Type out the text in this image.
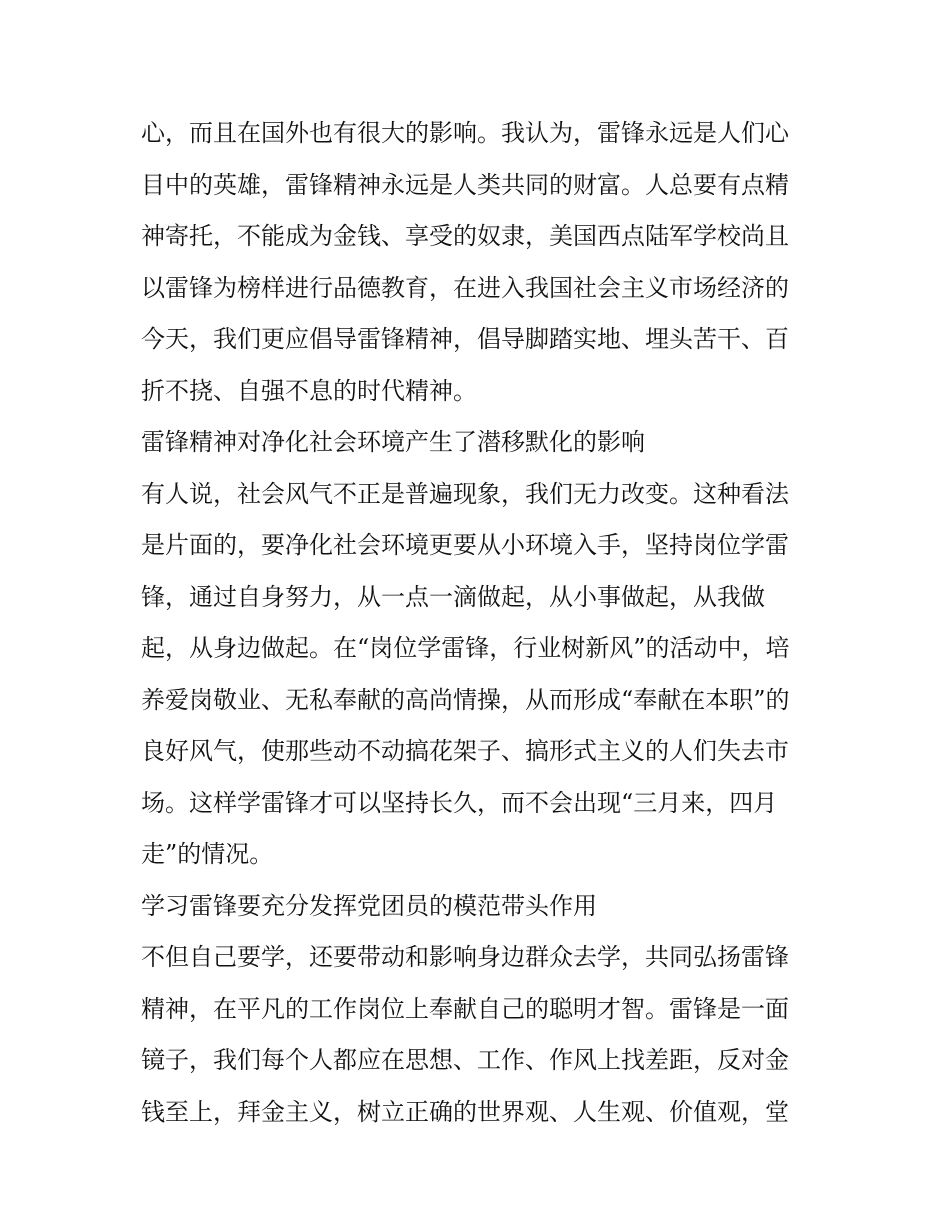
心，而且在国外也有很大的影响。我认为，雷锋永远是人们心
目中的英雄，雷锋精神永远是人类共同的财富。人总要有点精
神寄托，不能成为金钱、享受的奴隶，美国西点陆军学校尚且
以雷锋为榜样进行品德教育，在进入我国社会主义市场经济的
今天，我们更应倡导雷锋精神，倡导脚踏实地、埋头苦干、百
折不挠、自强不息的时代精神。
雷锋精神对净化社会环境产生了潜移默化的影响
有人说，社会风气不正是普遍现象，我们无力改变。这种看法
是片面的，要净化社会环境更要从小环境入手，坚持岗位学雷
锋，通过自身努力，从一点一滴做起，从小事做起，从我做
起，从身边做起。在“岗位学雷锋，行业树新风”的活动中，培
养爱岗敬业、无私奉献的高尚情操，从而形成“奉献在本职”的
良好风气，使那些动不动搞花架子、搞形式主义的人们失去市
场。这样学雷锋才可以坚持长久，而不会出现“三月来，四月
走”的情况。
学习雷锋要充分发挥党团员的模范带头作用
不但自己要学，还要带动和影响身边群众去学，共同弘扬雷锋
精神，在平凡的工作岗位上奉献自己的聪明才智。雷锋是一面
镜子，我们每个人都应在思想、工作、作风上找差距，反对金
钱至上，拜金主义，树立正确的世界观、人生观、价值观，堂
